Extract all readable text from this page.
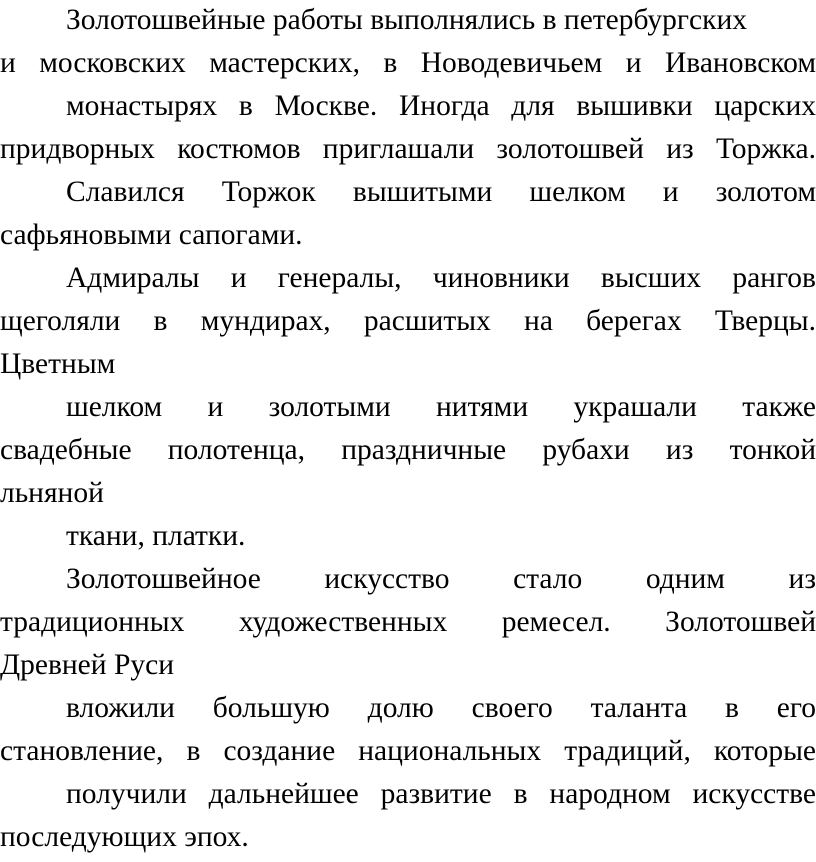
Золотошвейные работы выполнялись в петербургских
и московских мастерских, в Новодевичьем и Ивановском
монастырях в Москве. Иногда для вышивки царских
придворных костюмов приглашали золотошвей из Торжка.
Славился Торжок вышитыми шелком и золотом
сафьяновыми сапогами.
Адмиралы и генералы, чиновники высших рангов
щеголяли в мундирах, расшитых на берегах Тверцы.
Цветным
шелком и золотыми нитями украшали также
свадебные полотенца, праздничные рубахи из тонкой
льняной
ткани, платки.
Золотошвейное искусство стало одним из
традиционных художественных ремесел. Золотошвей
Древней Руси
вложили большую долю своего таланта в его
становление, в создание национальных традиций, которые
получили дальнейшее развитие в народном искусстве
последующих эпох.
